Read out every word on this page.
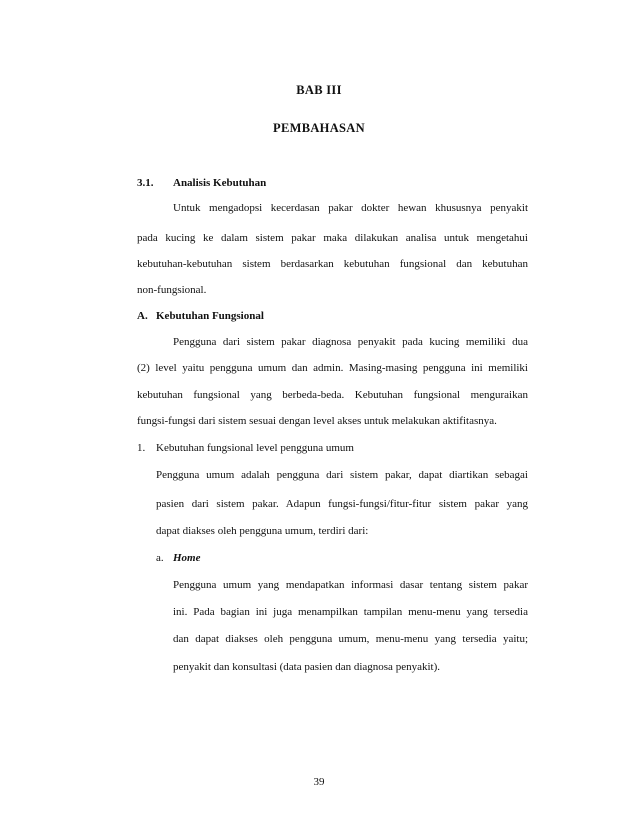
BAB III
PEMBAHASAN
3.1. Analisis Kebutuhan
Untuk mengadopsi kecerdasan pakar dokter hewan khususnya penyakit
pada kucing ke dalam sistem pakar maka dilakukan analisa untuk mengetahui
kebutuhan-kebutuhan sistem berdasarkan kebutuhan fungsional dan kebutuhan
non-fungsional.
A. Kebutuhan Fungsional
Pengguna dari sistem pakar diagnosa penyakit pada kucing memiliki dua
(2) level yaitu pengguna umum dan admin. Masing-masing pengguna ini memiliki
kebutuhan fungsional yang berbeda-beda. Kebutuhan fungsional menguraikan
fungsi-fungsi dari sistem sesuai dengan level akses untuk melakukan aktifitasnya.
1. Kebutuhan fungsional level pengguna umum
Pengguna umum adalah pengguna dari sistem pakar, dapat diartikan sebagai
pasien dari sistem pakar. Adapun fungsi-fungsi/fitur-fitur sistem pakar yang
dapat diakses oleh pengguna umum, terdiri dari:
a. Home
Pengguna umum yang mendapatkan informasi dasar tentang sistem pakar
ini. Pada bagian ini juga menampilkan tampilan menu-menu yang tersedia
dan dapat diakses oleh pengguna umum, menu-menu yang tersedia yaitu;
penyakit dan konsultasi (data pasien dan diagnosa penyakit).
39
